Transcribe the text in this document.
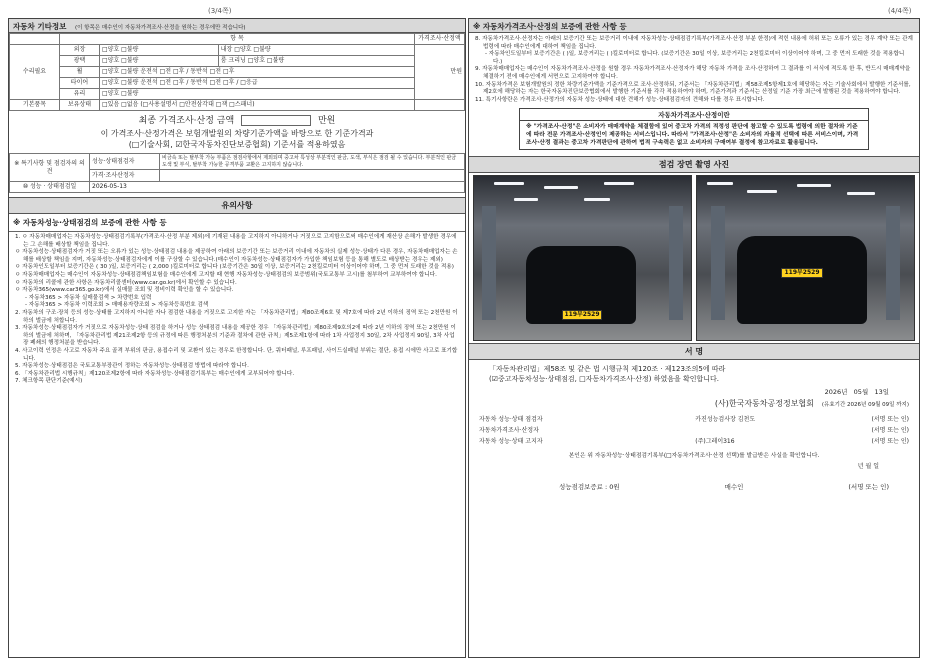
(3/4쪽)	(4/4쪽)
자동차 기타정보 (이 항목은 매수인이 자동차가격조사·산정을 원하는 경우에만 적습니다)
	항 목			가격조사·산정액
수리필요	외장	□양호 □불량	내장 □양호 □불량	만원
	광택	□양호 □불량	룸 크리닝 □양호 □불량	
	휠	□양호 □불량 운전석 □전 □후 / 동반석 □전 □후		
	타이어	□양호 □불량 운전석 □전 □후 / 동반석 □전 □후 / □응급		
	유리	□양호 □불량		
기본품목	보유상태	□있음 □없음 (□사용설명서 □안전삼각대 □잭 □스패너)		
최종 가격조사·산정 금액	만원
이 가격조사·산정가격은 보험개발원의 차량기준가액을 바탕으로 한 기준가격과
(□기술사회, ☑한국자동차진단보증협회) 기준서를 적용하였음
※ 특기사항 및 점검자의 의견	성능·상태점검자	비금속 또는 탈부착 가능 부품은 점검사항에서 제외되며 중고차 특성상 부분적인 판금, 도색, 부식은 점검 될 수 있습니다. 부분적인 판금 도색 및 부식, 탈부착 가능한 공격부품 교환은 고지하지 않습니다.
	가격·조사산정자	
⑩ 성능 · 상태점검일	2026-05-13	
유의사항
※ 자동차성능·상태점검의 보증에 관한 사항 등

1. ㅇ 자동차매매업자는 자동차성능·상태점검기록부(가격조사·산정 부분 제외)에 기재된 내용을 고지하지 아니하거나 거짓으로 고지함으로써 매수인에게 재산상 손해가 발생한 경우에는 그 손해를 배상할 책임을 집니다.

ㅇ 자동차성능·상태점검자가 거짓 또는 오류가 있는 성능·상태점검 내용을 제공하여 아래의 보증기간 또는 보증거리 이내에 자동차의 실제 성능·상태가 다른 경우, 자동차매매업자는 손해를 배상할 책임을 지며, 자동차성능·상태점검자에게 이를 구상할 수 있습니다.(매수인이 자동차성능·상태점검자가 가입한 책임보험 등을 통해 별도로 배상받는 경우는 제외)

ㅇ 자동차인도일부터 보증기간은 ( 30 )일, 보증거리는 ( 2,000 )킬로미터로 합니다 (보증기간은 30일 이상, 보증거리는 2천킬로미터 이상이어야 하며, 그 중 먼저 도래한 것을 적용)

ㅇ 자동차매매업자는 매수인이 자동차성능·상태점검책임보험을 매수인에게 고지할 때 현행 자동차성능·상태점검의 보증범위(국토교통부 고시)를 첨부하여 교부하여야 합니다.

ㅇ 자동차의 리콜에 관한 사항은 자동차리콜센터(www.car.go.kr)에서 확인할 수 있습니다.

ㅇ 자동차365(www.car365.go.kr)에서 실매물 조회 및 정비이력 확인을 할 수 있습니다.

- 자동차365 > 자동차 실매물검색 > 차량번호 입력

- 자동차365 > 자동차 이력조회 > 매매용자량조회 > 자동차등록번호 검색

2. 자동차의 구조·장치 등의 성능·상태를 고지하지 아니한 자나 점검한 내용을 거짓으로 고지한 자는 「자동차관리법」제80조제6호 및 제7호에 따라 2년 이하의 징역 또는 2천만원 이하의 벌금에 처합니다.

3. 자동차성능·상태점검자가 거짓으로 자동차성능·상태 점검을 하거나 성능 상태점검 내용을 제공한 경우 「자동차관리법」제80조제9호의2에 따라 2년 이하의 징역 또는 2천만원 이하의 벌금에 처하며, 「자동차관리법 제21조제2항 등의 규정에 따른 행정처분의 기준과 절차에 관한 규칙」제5조제1항에 따라 1차 사업정지 30일, 2차 사업정지 90일, 3차 사업장 폐쇄의 행정처분을 받습니다.

4. 사고이력 인정은 사고로 자동차 주요 골격 부위의 판금, 용접수리 및 교환이 있는 경우로 한정합니다. 단, 쿼터패널, 루프패널, 사이드실패널 부위는 절단, 용접 시에만 사고로 표기합니다.

5. 자동차성능·상태점검은 국토교통부장관이 정하는 자동차성능·상태점검 방법에 따라야 합니다.

6. 「자동차관리법 시행규칙」제120조제2항에 따라 자동차성능·상태점검기록부는 매수인에게 교부되어야 합니다.

7. 체크항목 판단기준(예시)

※ 자동차가격조사·산정의 보증에 관한 사항 등

8. 자동차가격조사·산정자는 아래의 보증기간 또는 보증거리 이내에 자동차성능·상태점검기록부(가격조사·산정 부분 한정)에 적힌 내용에 허위 또는 오류가 있는 경우 계약 또는 관계법령에 따라 매수인에게 대하여 책임을 집니다.

- 자동차인도일부터 보증기간은 ( )일, 보증거리는 ( )킬로미터로 합니다. (보증기간은 30일 이상, 보증거리는 2천킬로미터 이상이어야 하며, 그 중 먼저 도래한 것을 적용합니다.)

9. 자동차매매업자는 매수인이 자동차가격조사·산정을 원할 경우 자동차가격조사·산정자가 해당 자동차 가격을 조사·산정하여 그 결과를 이 서식에 적도록 한 후, 반드시 매매계약을 체결하기 전에 매수인에게 서면으로 고지하여야 합니다.

10. 자동차가격은 보험개발원의 정한 차량기준가액을 기준가격으로 조사·산정하되, 기준서는 「자동차관리법」제58조제5항제1호에 해당하는 자는 기술사회에서 발행한 기준서를, 제2호에 해당하는 자는 한국자동차진단보증협회에서 발행한 기준서를 각각 적용하여야 하며, 기준가격과 기준서는 산정일 기준 가장 최근에 발행된 것을 적용하여야 합니다.

11. 특기사항란은 가격조사·산정가의 자동차 성능·상태에 대한 견해가 성능·상태점검자의 견해와 다를 경우 표시합니다.

자동차가격조사·산정이란
※ "가격조사·산정"은 소비자가 매매계약을 체결함에 있어 중고차 가격의 적정성 판단에 참고할 수 있도록 법령에 의한 절차와 기준에 따라 전문 가격조사·산정인이 제공하는 서비스입니다. 따라서 "가격조사·산정"은 소비자의 자율적 선택에 따른 서비스이며, 가격조사·산정 결과는 중고차 가격판단에 관하여 법적 구속력은 없고 소비자의 구매여부 결정에 참고자료로 활용됩니다.
점검 장면 촬영 사진
119부2529
119부2529
서 명
「자동차관리법」제58조 및 같은 법 시행규칙 제120조 · 제123조의5에 따라
(☑중고자동차성능·상태점검, □자동차가격조사·산정) 하였음을 확인합니다.
2026년 05월 13일
(사)한국자동차공정정보협회 (유효기간 2026년 09월 09일 까지)
자동차 성능·상태 점검자	카진성능검사장 김천도	(서명 또는 인)
자동차가격조사·산정자	(서명 또는 인)
자동차 성능·상태 고지자	(주)그레이316	(서명 또는 인)
본인은 위 자동차성능·상태점검기록부(□자동차가격조사·산정 선택)를 발급받은 사실을 확인합니다.
년 월 일
성능점검보증료 : 0원	매수인	(서명 또는 인)
